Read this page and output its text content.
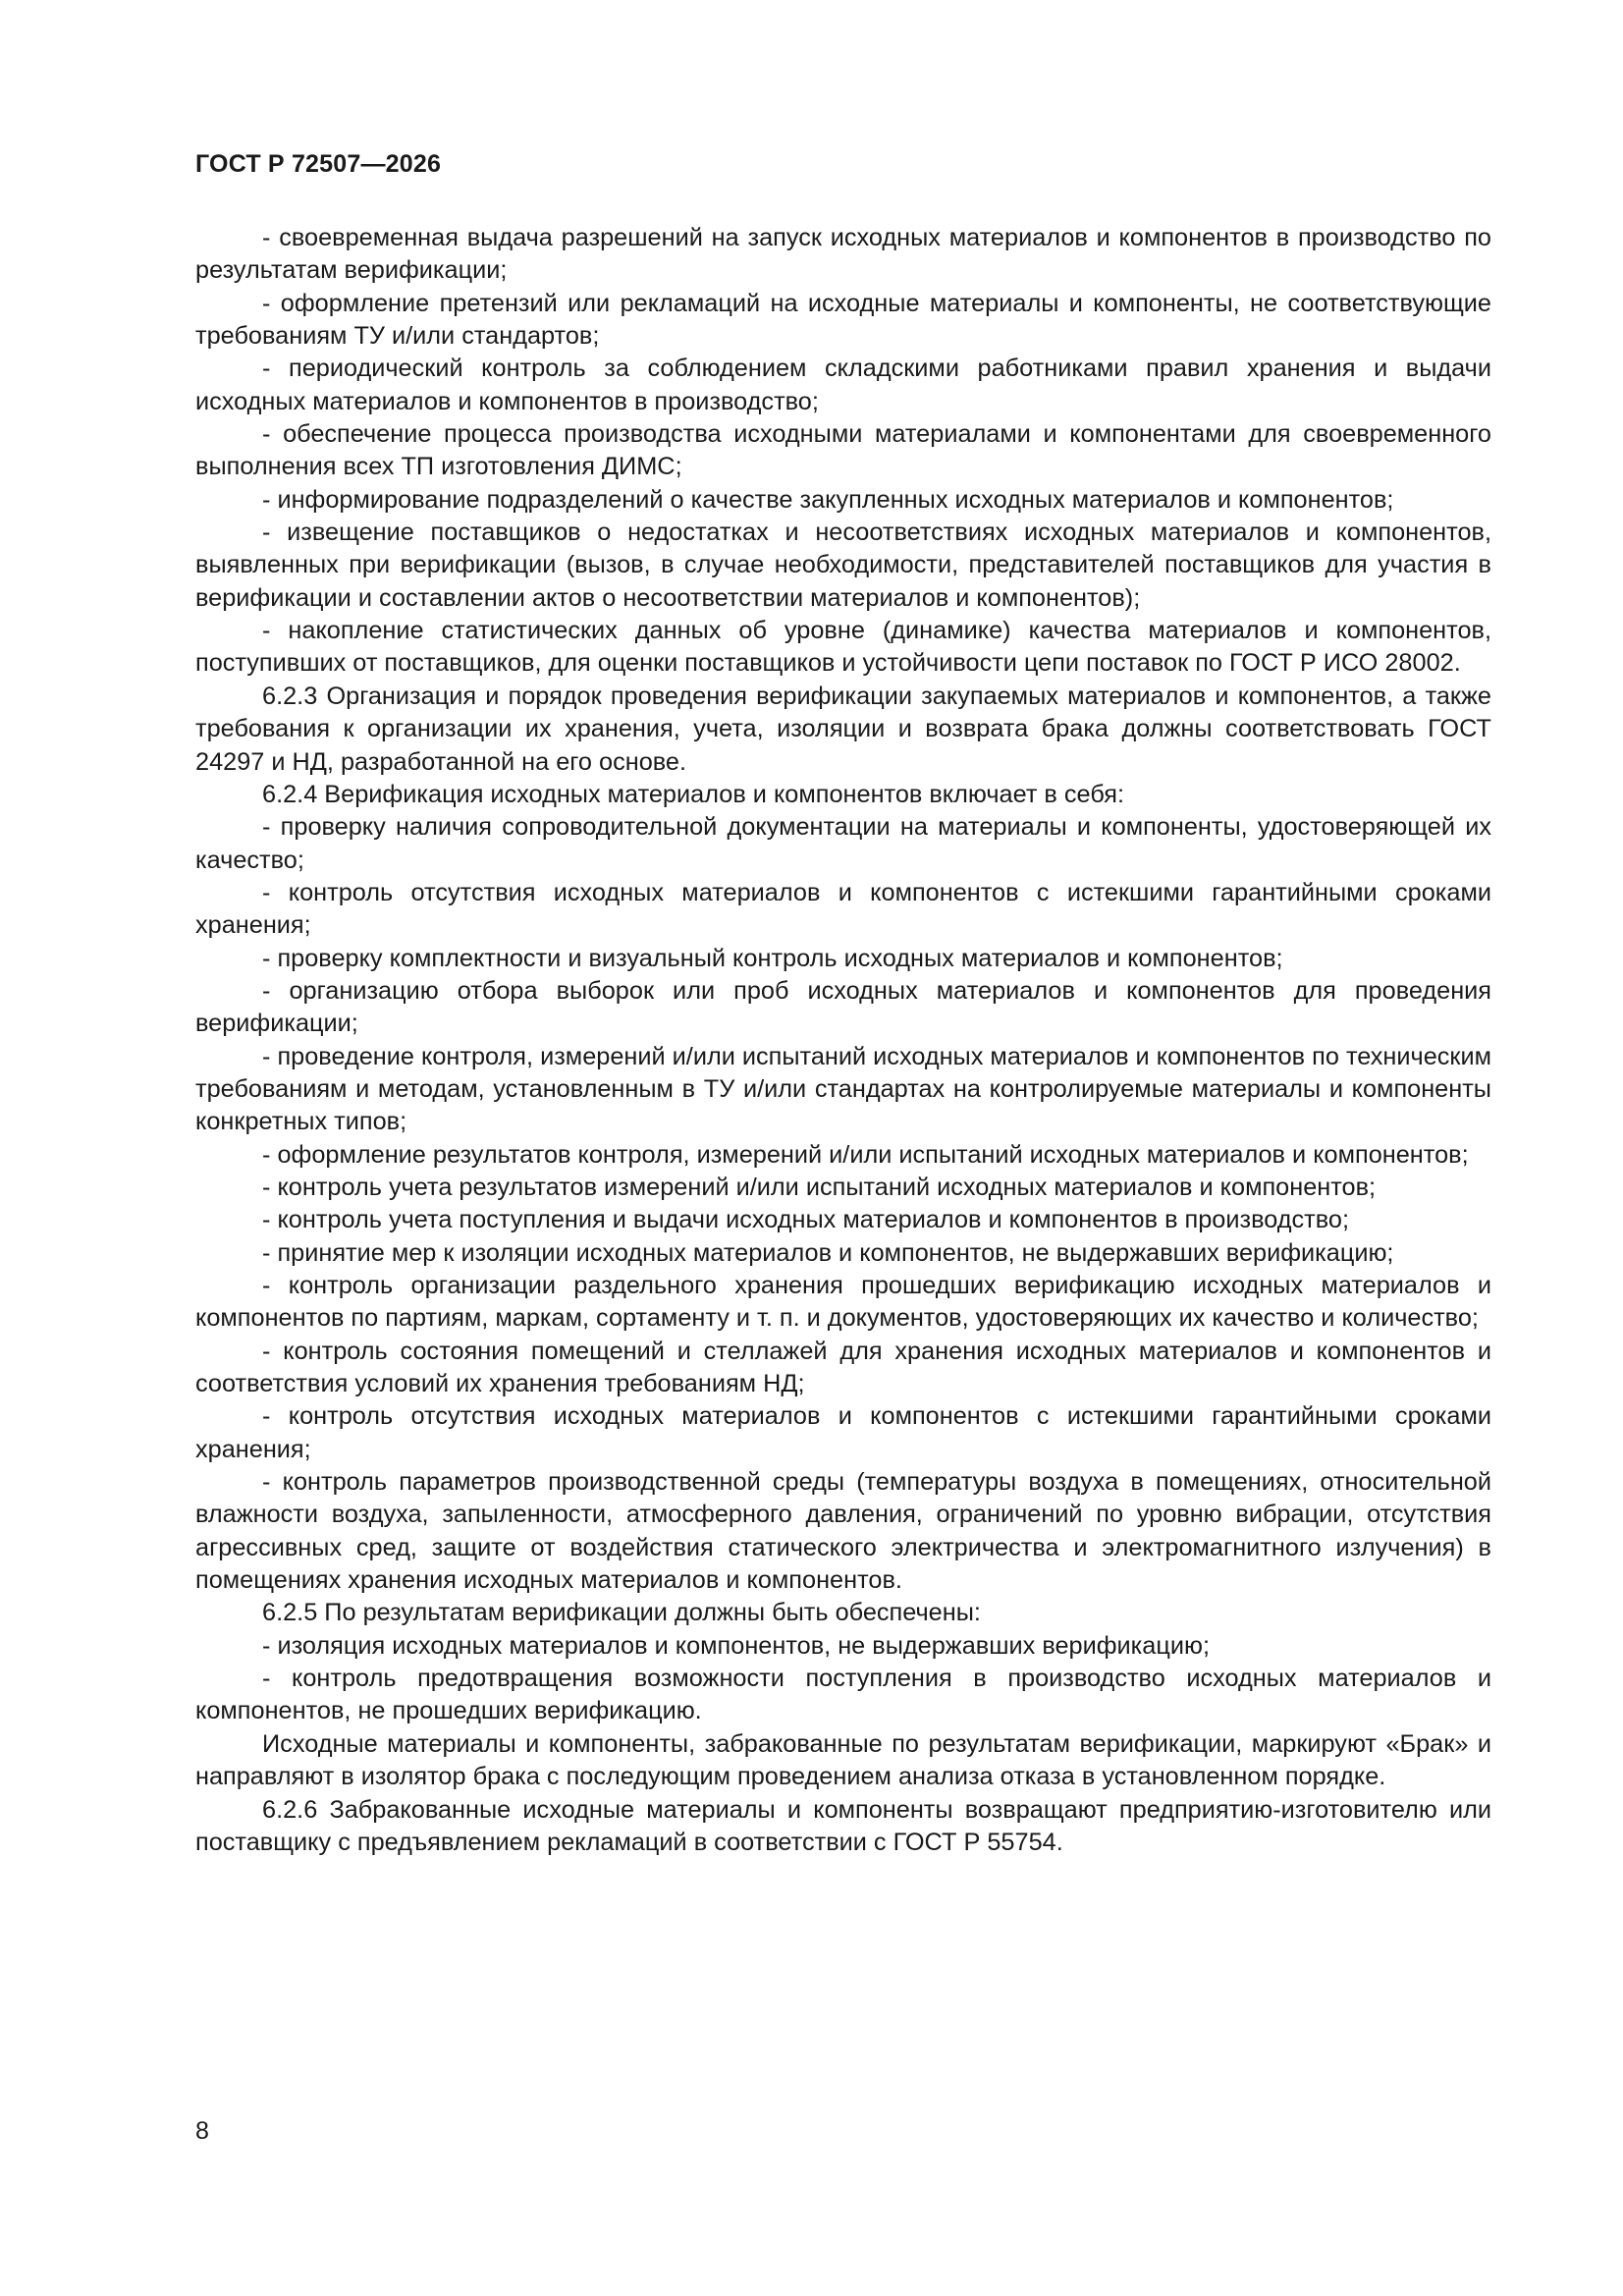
ГОСТ Р 72507—2026

- своевременная выдача разрешений на запуск исходных материалов и компонентов в производство по результатам верификации;

- оформление претензий или рекламаций на исходные материалы и компоненты, не соответствующие требованиям ТУ и/или стандартов;

- периодический контроль за соблюдением складскими работниками правил хранения и выдачи исходных материалов и компонентов в производство;

- обеспечение процесса производства исходными материалами и компонентами для своевременного выполнения всех ТП изготовления ДИМС;

- информирование подразделений о качестве закупленных исходных материалов и компонентов;

- извещение поставщиков о недостатках и несоответствиях исходных материалов и компонентов, выявленных при верификации (вызов, в случае необходимости, представителей поставщиков для участия в верификации и составлении актов о несоответствии материалов и компонентов);

- накопление статистических данных об уровне (динамике) качества материалов и компонентов, поступивших от поставщиков, для оценки поставщиков и устойчивости цепи поставок по ГОСТ Р ИСО 28002.

6.2.3 Организация и порядок проведения верификации закупаемых материалов и компонентов, а также требования к организации их хранения, учета, изоляции и возврата брака должны соответствовать ГОСТ 24297 и НД, разработанной на его основе.

6.2.4 Верификация исходных материалов и компонентов включает в себя:

- проверку наличия сопроводительной документации на материалы и компоненты, удостоверяющей их качество;

- контроль отсутствия исходных материалов и компонентов с истекшими гарантийными сроками хранения;

- проверку комплектности и визуальный контроль исходных материалов и компонентов;

- организацию отбора выборок или проб исходных материалов и компонентов для проведения верификации;

- проведение контроля, измерений и/или испытаний исходных материалов и компонентов по техническим требованиям и методам, установленным в ТУ и/или стандартах на контролируемые материалы и компоненты конкретных типов;

- оформление результатов контроля, измерений и/или испытаний исходных материалов и компонентов;

- контроль учета результатов измерений и/или испытаний исходных материалов и компонентов;

- контроль учета поступления и выдачи исходных материалов и компонентов в производство;

- принятие мер к изоляции исходных материалов и компонентов, не выдержавших верификацию;

- контроль организации раздельного хранения прошедших верификацию исходных материалов и компонентов по партиям, маркам, сортаменту и т. п. и документов, удостоверяющих их качество и количество;

- контроль состояния помещений и стеллажей для хранения исходных материалов и компонентов и соответствия условий их хранения требованиям НД;

- контроль отсутствия исходных материалов и компонентов с истекшими гарантийными сроками хранения;

- контроль параметров производственной среды (температуры воздуха в помещениях, относительной влажности воздуха, запыленности, атмосферного давления, ограничений по уровню вибрации, отсутствия агрессивных сред, защите от воздействия статического электричества и электромагнитного излучения) в помещениях хранения исходных материалов и компонентов.

6.2.5 По результатам верификации должны быть обеспечены:

- изоляция исходных материалов и компонентов, не выдержавших верификацию;

- контроль предотвращения возможности поступления в производство исходных материалов и компонентов, не прошедших верификацию.

Исходные материалы и компоненты, забракованные по результатам верификации, маркируют «Брак» и направляют в изолятор брака с последующим проведением анализа отказа в установленном порядке.

6.2.6 Забракованные исходные материалы и компоненты возвращают предприятию-изготовителю или поставщику с предъявлением рекламаций в соответствии с ГОСТ Р 55754.

8
